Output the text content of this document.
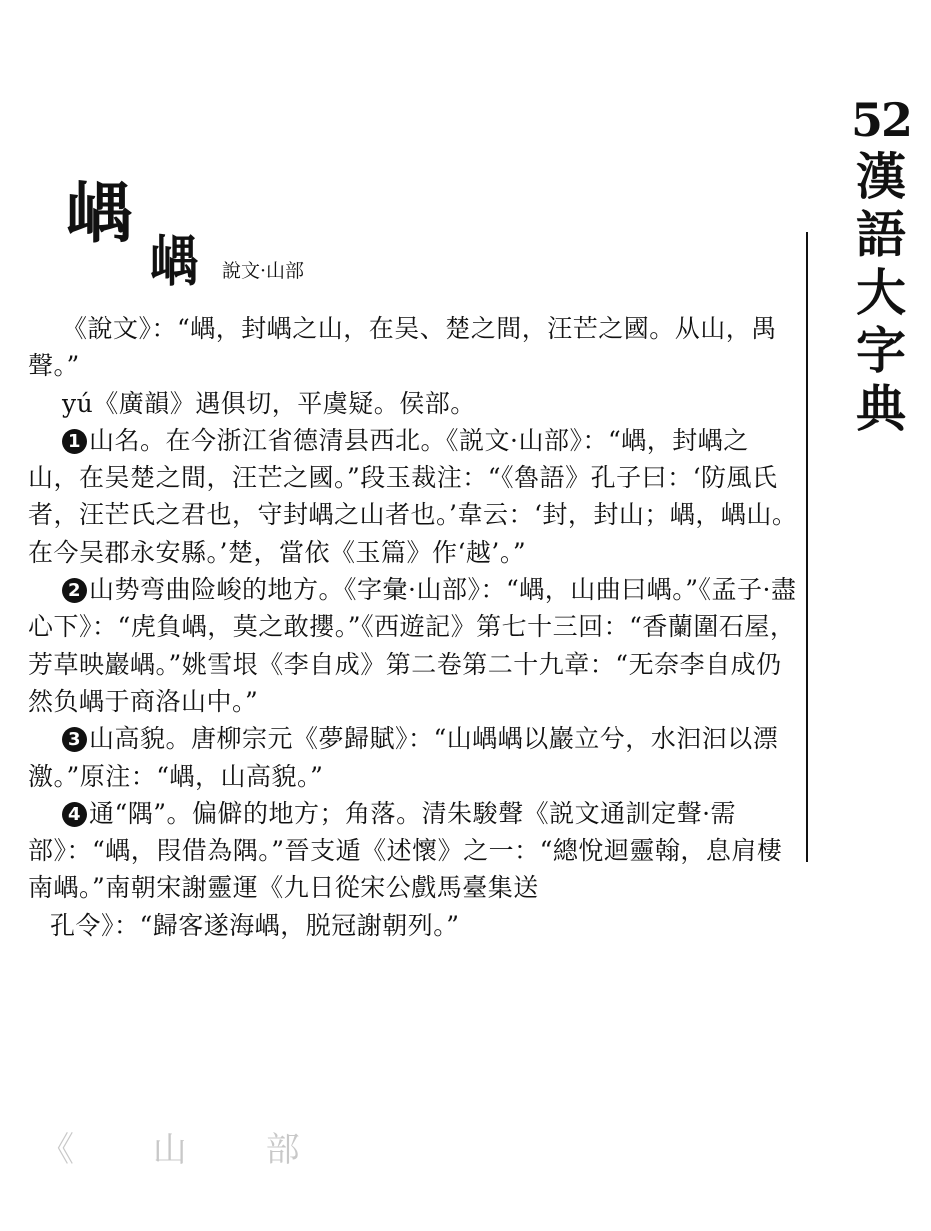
52
漢
語
大
字
典
嵎
嵎 說文·山部

《說文》：“嵎，封嵎之山，在吴、楚之間，汪芒之國。从山，禺聲。”

yú《廣韻》遇俱切，平虞疑。侯部。

1 山名。在今浙江省德清县西北。《説文·山部》：“嵎，封嵎之山，在吴楚之間，汪芒之國。”段玉裁注：“《魯語》孔子曰：‘防風氏者，汪芒氏之君也，守封嵎之山者也。’韋云：‘封，封山；嵎，嵎山。在今吴郡永安縣。’楚，當依《玉篇》作‘越’。”

2 山势弯曲险峻的地方。《字彙·山部》：“嵎，山曲曰嵎。”《孟子·盡心下》：“虎負嵎，莫之敢攖。”《西遊記》第七十三回：“香蘭圍石屋，芳草映巖嵎。”姚雪垠《李自成》第二卷第二十九章：“无奈李自成仍然负嵎于商洛山中。”

3 山高貌。唐柳宗元《夢歸賦》：“山嵎嵎以巖立兮，水汩汩以漂激。”原注：“嵎，山高貌。”

4 通“隅”。偏僻的地方；角落。清朱駿聲《説文通訓定聲·需部》：“嵎，叚借為隅。”晉支遁《述懷》之一：“總悅迴靈翰，息肩棲南嵎。”南朝宋謝靈運《九日從宋公戲馬臺集送

孔令》：“歸客遂海嵎，脱冠謝朝列。”

《 山 部
